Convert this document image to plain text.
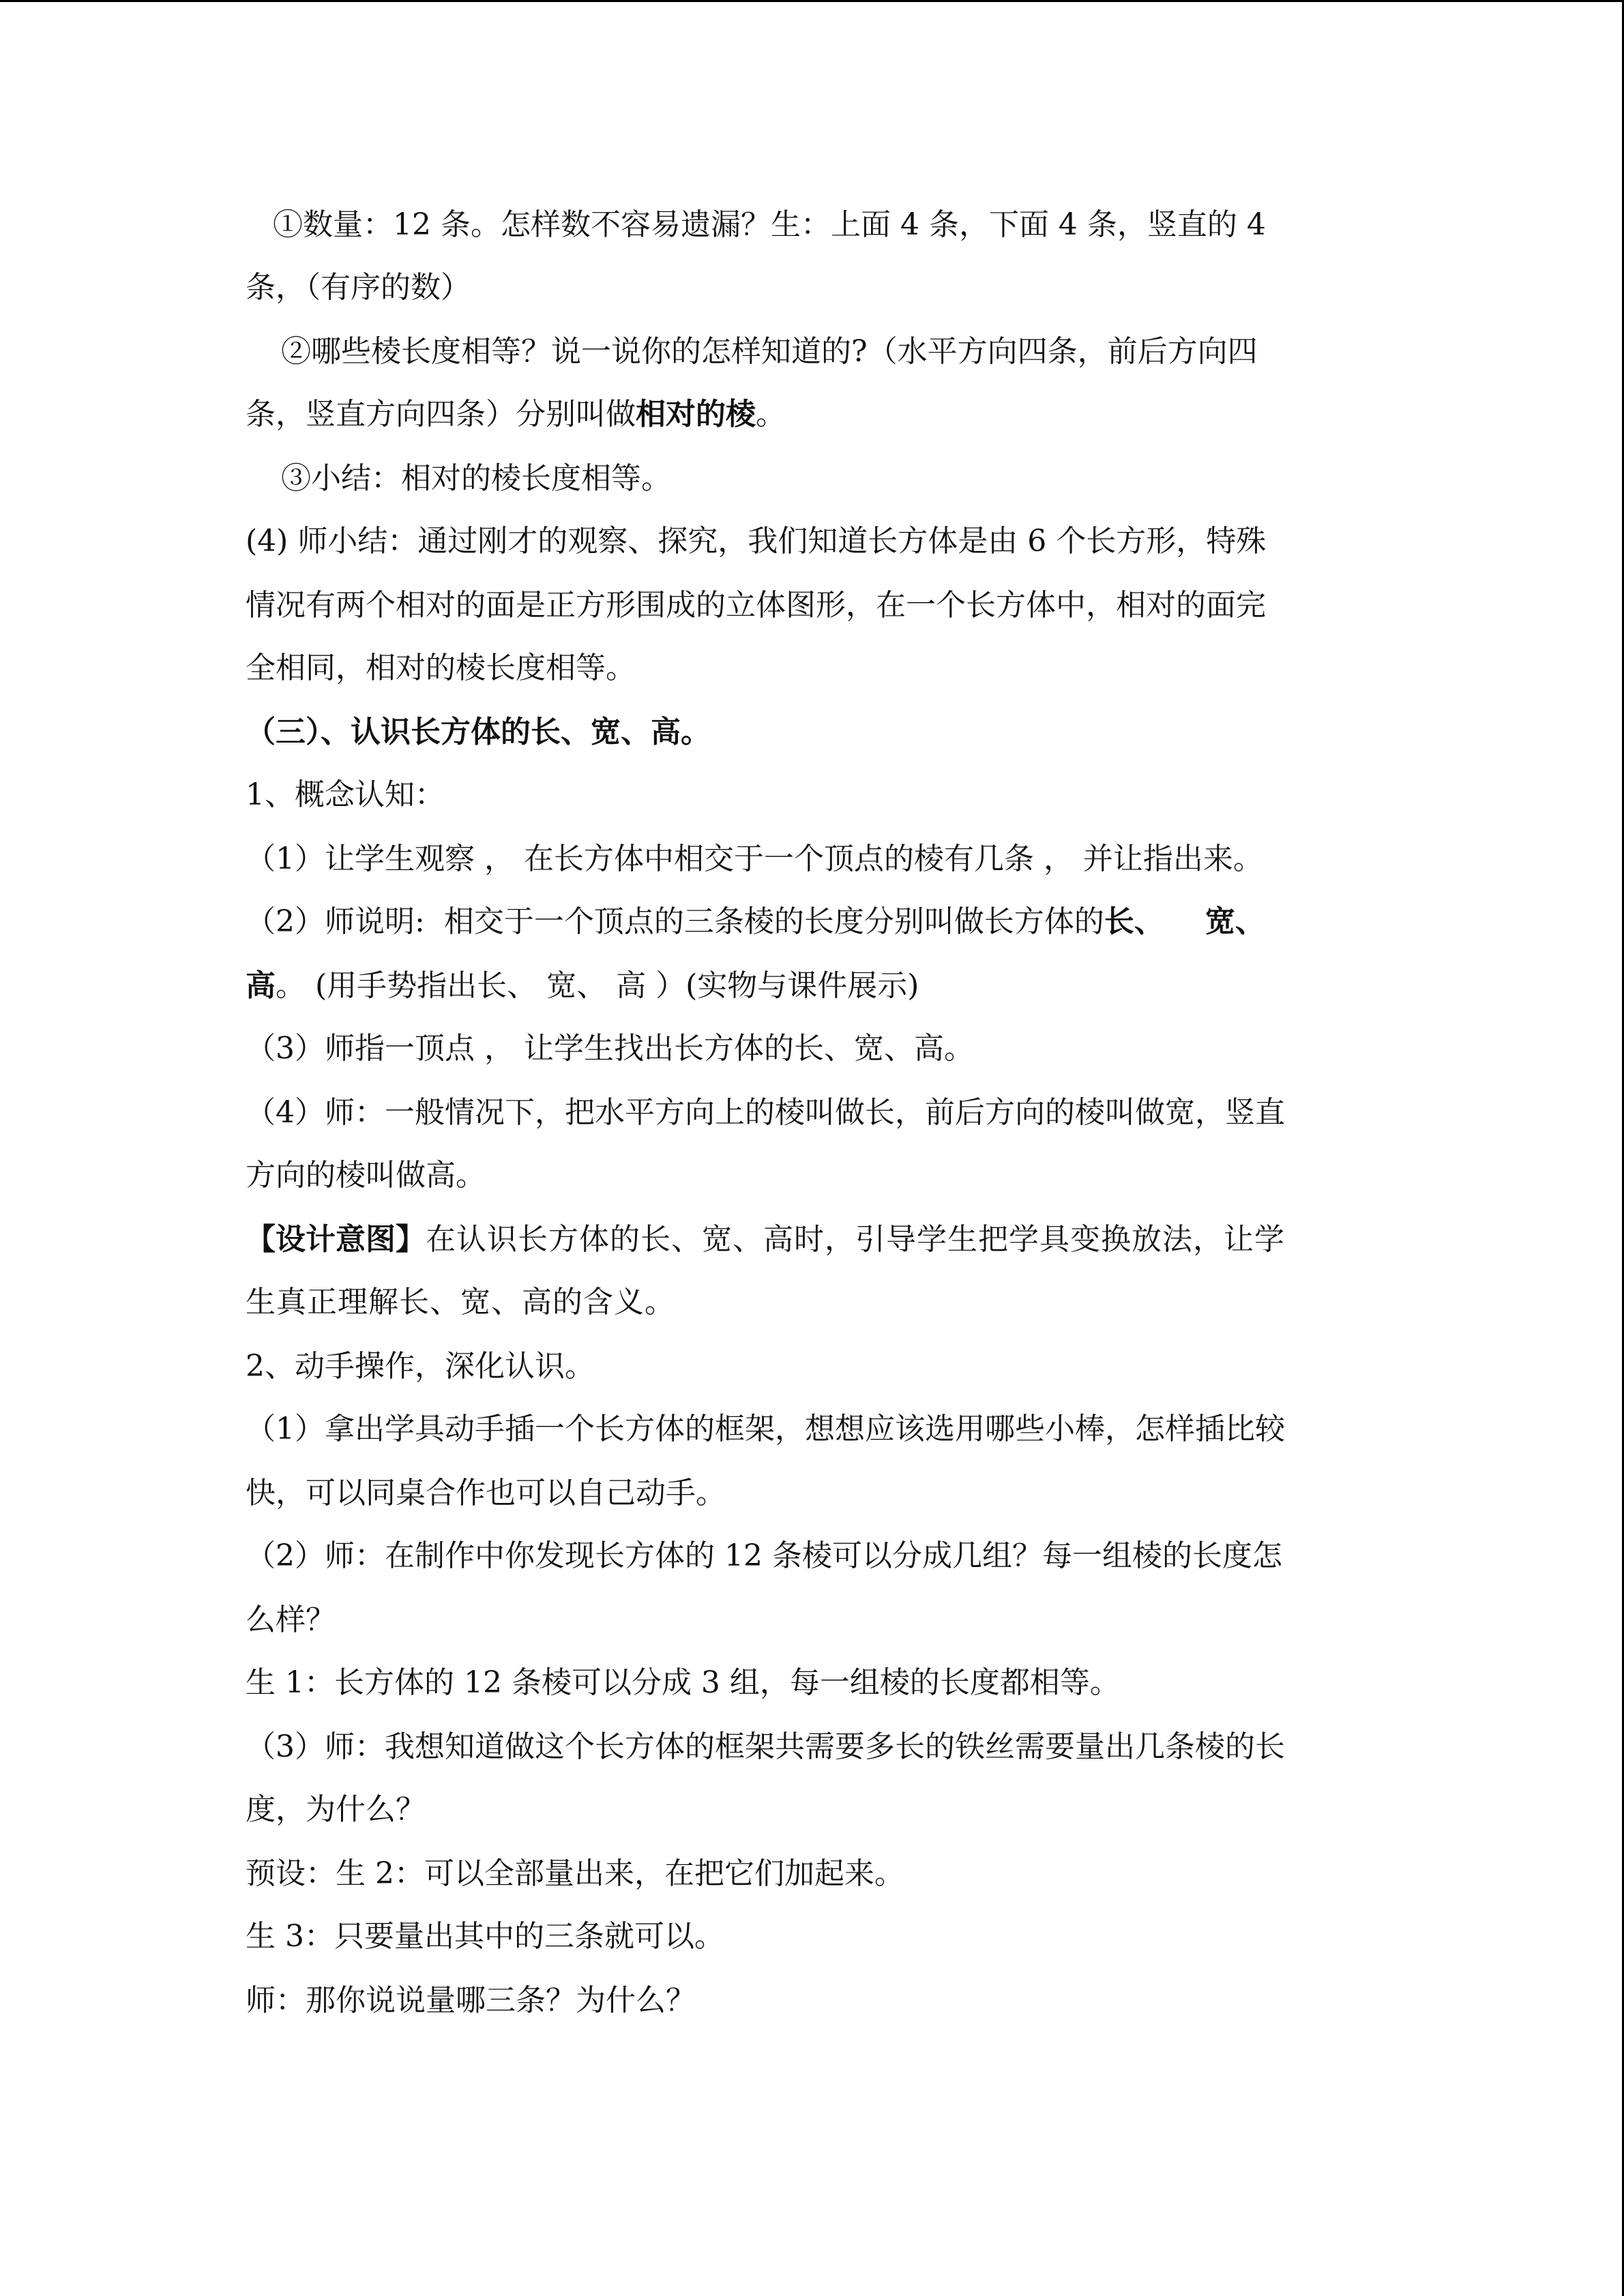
①数量：12 条。怎样数不容易遗漏？生：上面 4 条，下面 4 条，竖直的 4
条，（有序的数）
②哪些棱长度相等？说一说你的怎样知道的?（水平方向四条，前后方向四
条，竖直方向四条）分别叫做相对的棱。
③小结：相对的棱长度相等。
(4) 师小结：通过刚才的观察、探究，我们知道长方体是由 6 个长方形，特殊
情况有两个相对的面是正方形围成的立体图形，在一个长方体中，相对的面完
全相同，相对的棱长度相等。
（三）、认识长方体的长、宽、高。
1、概念认知：
（1）让学生观察 ， 在长方体中相交于一个顶点的棱有几条 ， 并让指出来。
（2）师说明: 相交于一个顶点的三条棱的长度分别叫做长方体的长、 宽、
高。 (用手势指出长、 宽、 高 ）(实物与课件展示)
（3）师指一顶点 ， 让学生找出长方体的长、宽、高。
（4）师：一般情况下，把水平方向上的棱叫做长，前后方向的棱叫做宽，竖直
方向的棱叫做高。
【设计意图】在认识长方体的长、宽、高时，引导学生把学具变换放法，让学
生真正理解长、宽、高的含义。
2、动手操作，深化认识。
（1）拿出学具动手插一个长方体的框架，想想应该选用哪些小棒，怎样插比较
快，可以同桌合作也可以自己动手。
（2）师：在制作中你发现长方体的 12 条棱可以分成几组？每一组棱的长度怎
么样？
生 1：长方体的 12 条棱可以分成 3 组，每一组棱的长度都相等。
（3）师：我想知道做这个长方体的框架共需要多长的铁丝需要量出几条棱的长
度，为什么？
预设：生 2：可以全部量出来，在把它们加起来。
生 3：只要量出其中的三条就可以。
师：那你说说量哪三条？为什么？
